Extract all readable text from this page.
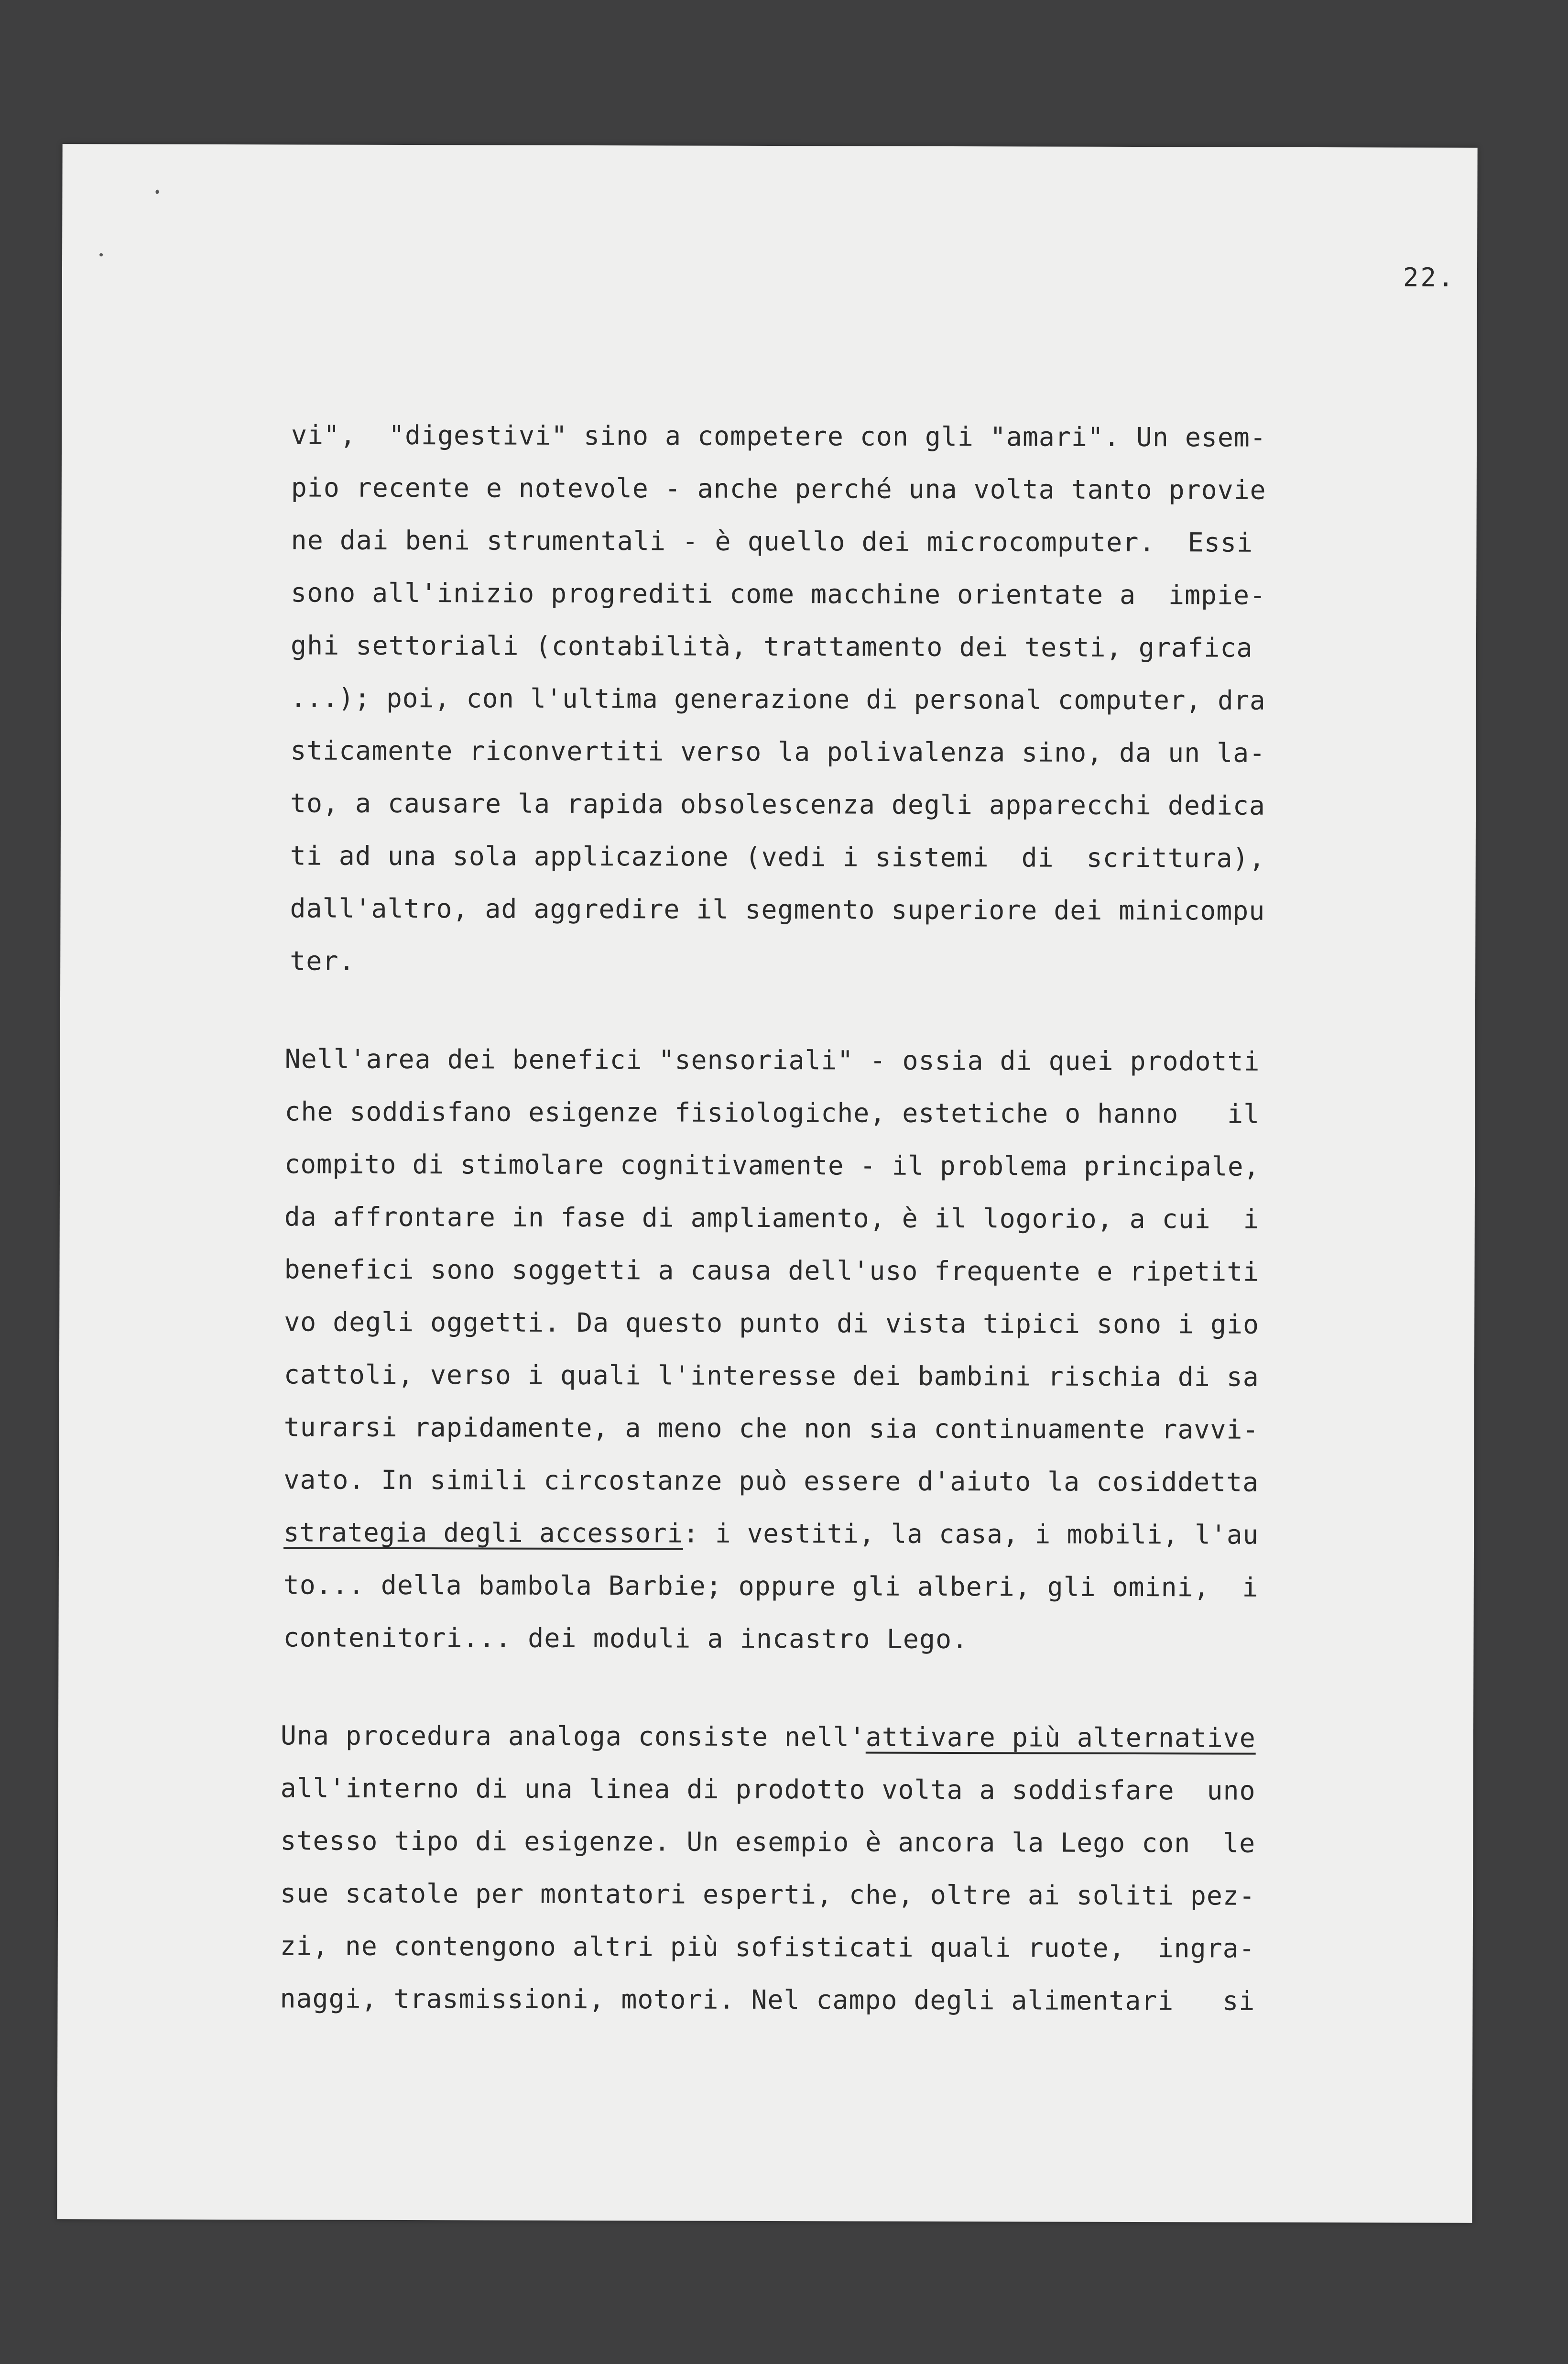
22.
vi",  "digestivi" sino a competere con gli "amari". Un esem-
pio recente e notevole - anche perché una volta tanto provie
ne dai beni strumentali - è quello dei microcomputer.  Essi
sono all'inizio progrediti come macchine orientate a  impie-
ghi settoriali (contabilità, trattamento dei testi, grafica
...); poi, con l'ultima generazione di personal computer, dra
sticamente riconvertiti verso la polivalenza sino, da un la-
to, a causare la rapida obsolescenza degli apparecchi dedica
ti ad una sola applicazione (vedi i sistemi  di  scrittura),
dall'altro, ad aggredire il segmento superiore dei minicompu
ter.
Nell'area dei benefici "sensoriali" - ossia di quei prodotti
che soddisfano esigenze fisiologiche, estetiche o hanno   il
compito di stimolare cognitivamente - il problema principale,
da affrontare in fase di ampliamento, è il logorio, a cui  i
benefici sono soggetti a causa dell'uso frequente e ripetiti
vo degli oggetti. Da questo punto di vista tipici sono i gio
cattoli, verso i quali l'interesse dei bambini rischia di sa
turarsi rapidamente, a meno che non sia continuamente ravvi-
vato. In simili circostanze può essere d'aiuto la cosiddetta
strategia degli accessori: i vestiti, la casa, i mobili, l'au
to... della bambola Barbie; oppure gli alberi, gli omini,  i
contenitori... dei moduli a incastro Lego.
Una procedura analoga consiste nell'attivare più alternative
all'interno di una linea di prodotto volta a soddisfare  uno
stesso tipo di esigenze. Un esempio è ancora la Lego con  le
sue scatole per montatori esperti, che, oltre ai soliti pez-
zi, ne contengono altri più sofisticati quali ruote,  ingra-
naggi, trasmissioni, motori. Nel campo degli alimentari   si
